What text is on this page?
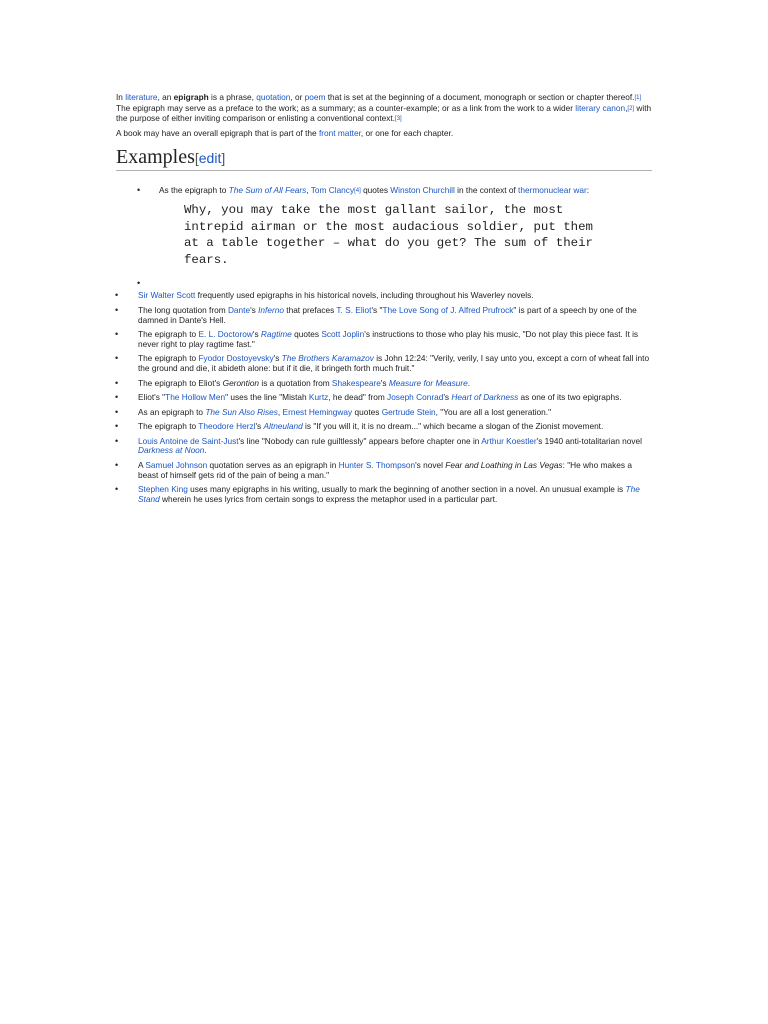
In literature, an epigraph is a phrase, quotation, or poem that is set at the beginning of a document, monograph or section or chapter thereof.[1] The epigraph may serve as a preface to the work; as a summary; as a counter-example; or as a link from the work to a wider literary canon,[2] with the purpose of either inviting comparison or enlisting a conventional context.[3]

A book may have an overall epigraph that is part of the front matter, or one for each chapter.

Examples[edit]
• As the epigraph to The Sum of All Fears, Tom Clancy[4] quotes Winston Churchill in the context of thermonuclear war:
Why, you may take the most gallant sailor, the most intrepid airman or the most audacious soldier, put them at a table together – what do you get? The sum of their fears.
•
• Sir Walter Scott frequently used epigraphs in his historical novels, including throughout his Waverley novels.
• The long quotation from Dante's Inferno that prefaces T. S. Eliot's "The Love Song of J. Alfred Prufrock" is part of a speech by one of the damned in Dante's Hell.
• The epigraph to E. L. Doctorow's Ragtime quotes Scott Joplin's instructions to those who play his music, "Do not play this piece fast. It is never right to play ragtime fast."
• The epigraph to Fyodor Dostoyevsky's The Brothers Karamazov is John 12:24: "Verily, verily, I say unto you, except a corn of wheat fall into the ground and die, it abideth alone: but if it die, it bringeth forth much fruit."
• The epigraph to Eliot's Gerontion is a quotation from Shakespeare's Measure for Measure.
• Eliot's "The Hollow Men" uses the line "Mistah Kurtz, he dead" from Joseph Conrad's Heart of Darkness as one of its two epigraphs.
• As an epigraph to The Sun Also Rises, Ernest Hemingway quotes Gertrude Stein, "You are all a lost generation."
• The epigraph to Theodore Herzl's Altneuland is "If you will it, it is no dream..." which became a slogan of the Zionist movement.
• Louis Antoine de Saint-Just's line "Nobody can rule guiltlessly" appears before chapter one in Arthur Koestler's 1940 anti-totalitarian novel Darkness at Noon.
• A Samuel Johnson quotation serves as an epigraph in Hunter S. Thompson's novel Fear and Loathing in Las Vegas: "He who makes a beast of himself gets rid of the pain of being a man."
• Stephen King uses many epigraphs in his writing, usually to mark the beginning of another section in a novel. An unusual example is The Stand wherein he uses lyrics from certain songs to express the metaphor used in a particular part.
